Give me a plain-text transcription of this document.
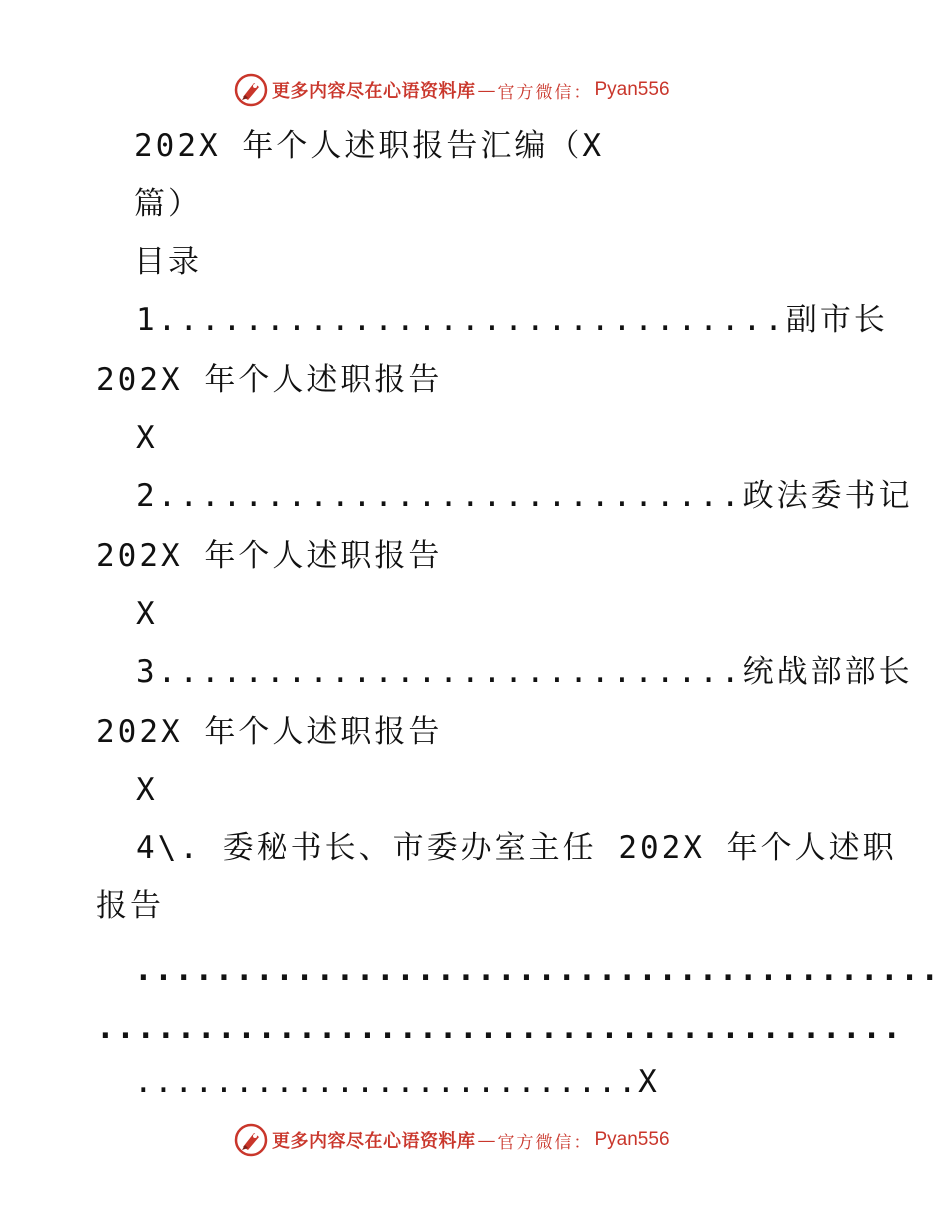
更多内容尽在心语资料库 — 官方微信： Pyan556
202X 年个人述职报告汇编（X
篇）
目录
1.............................副市长
202X 年个人述职报告
X
2...........................政法委书记
202X 年个人述职报告
X
3...........................统战部部长
202X 年个人述职报告
X
4\. 委秘书长、市委办室主任 202X 年个人述职
报告
........................................
........................................
.........................X
更多内容尽在心语资料库 — 官方微信： Pyan556
